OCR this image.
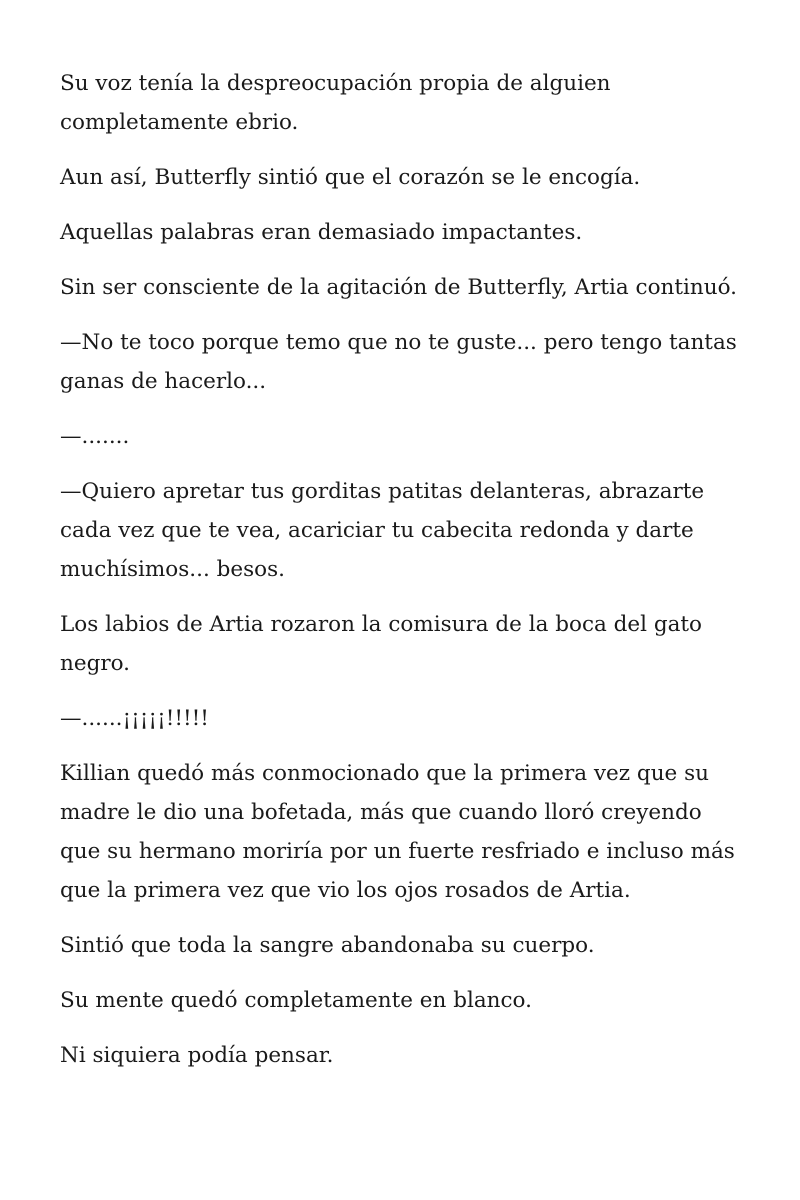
Su voz tenía la despreocupación propia de alguien completamente ebrio.

Aun así, Butterfly sintió que el corazón se le encogía.

Aquellas palabras eran demasiado impactantes.

Sin ser consciente de la agitación de Butterfly, Artia continuó.

—No te toco porque temo que no te guste... pero tengo tantas ganas de hacerlo...

—.......

—Quiero apretar tus gorditas patitas delanteras, abrazarte cada vez que te vea, acariciar tu cabecita redonda y darte muchísimos... besos.

Los labios de Artia rozaron la comisura de la boca del gato negro.

—......¡¡¡¡¡!!!!!

Killian quedó más conmocionado que la primera vez que su madre le dio una bofetada, más que cuando lloró creyendo que su hermano moriría por un fuerte resfriado e incluso más que la primera vez que vio los ojos rosados de Artia.

Sintió que toda la sangre abandonaba su cuerpo.

Su mente quedó completamente en blanco.

Ni siquiera podía pensar.
